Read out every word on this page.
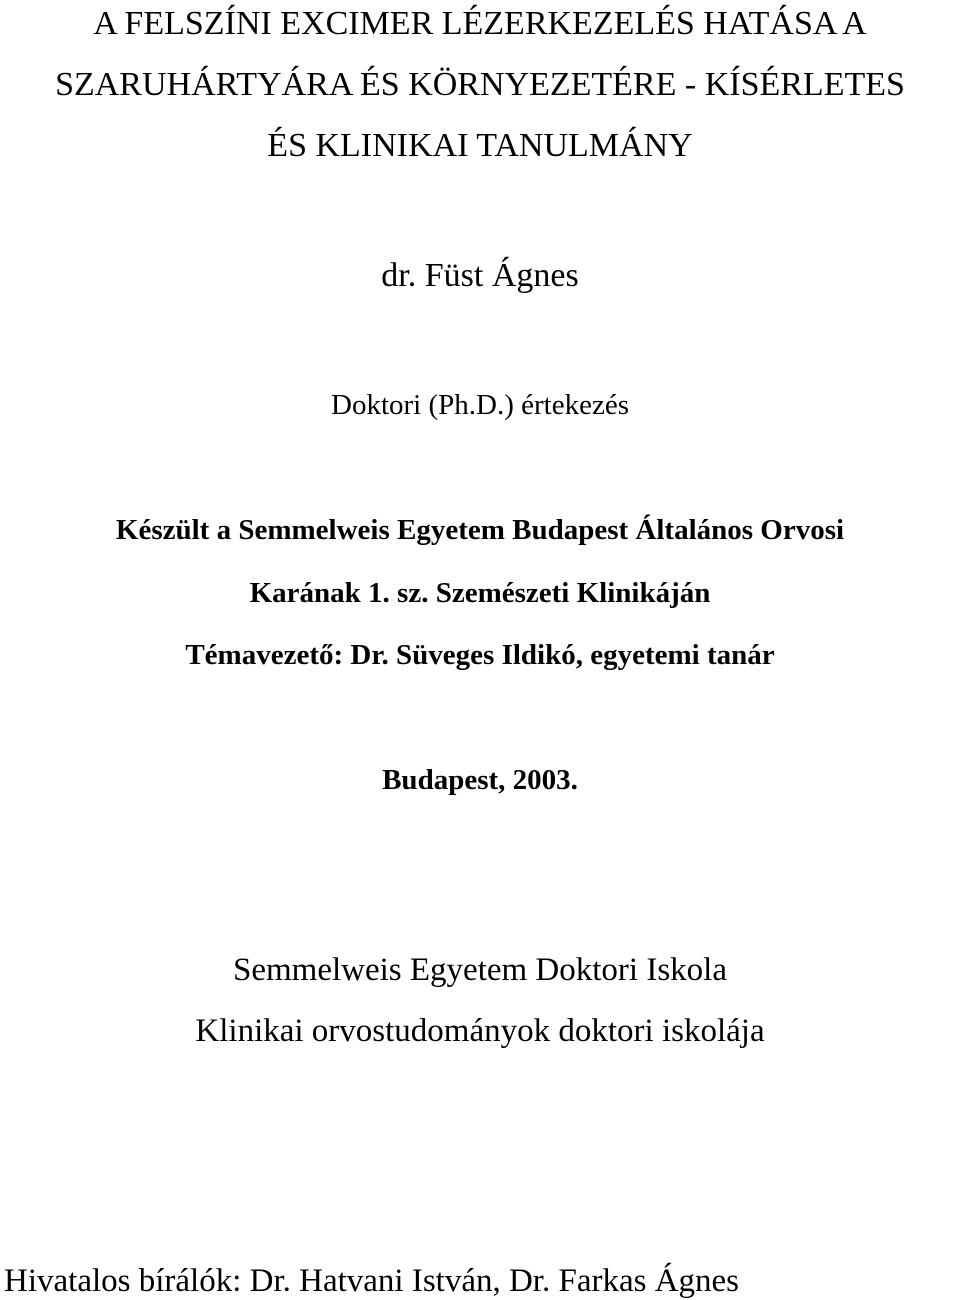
A FELSZÍNI EXCIMER LÉZERKEZELÉS HATÁSA A
SZARUHÁRTYÁRA ÉS KÖRNYEZETÉRE - KÍSÉRLETES
ÉS KLINIKAI TANULMÁNY
dr. Füst Ágnes
Doktori (Ph.D.) értekezés
Készült a Semmelweis Egyetem Budapest Általános Orvosi
Karának 1. sz. Szemészeti Klinikáján
Témavezető: Dr. Süveges Ildikó, egyetemi tanár
Budapest, 2003.
Semmelweis Egyetem Doktori Iskola
Klinikai orvostudományok doktori iskolája
Hivatalos bírálók: Dr. Hatvani István, Dr. Farkas Ágnes
